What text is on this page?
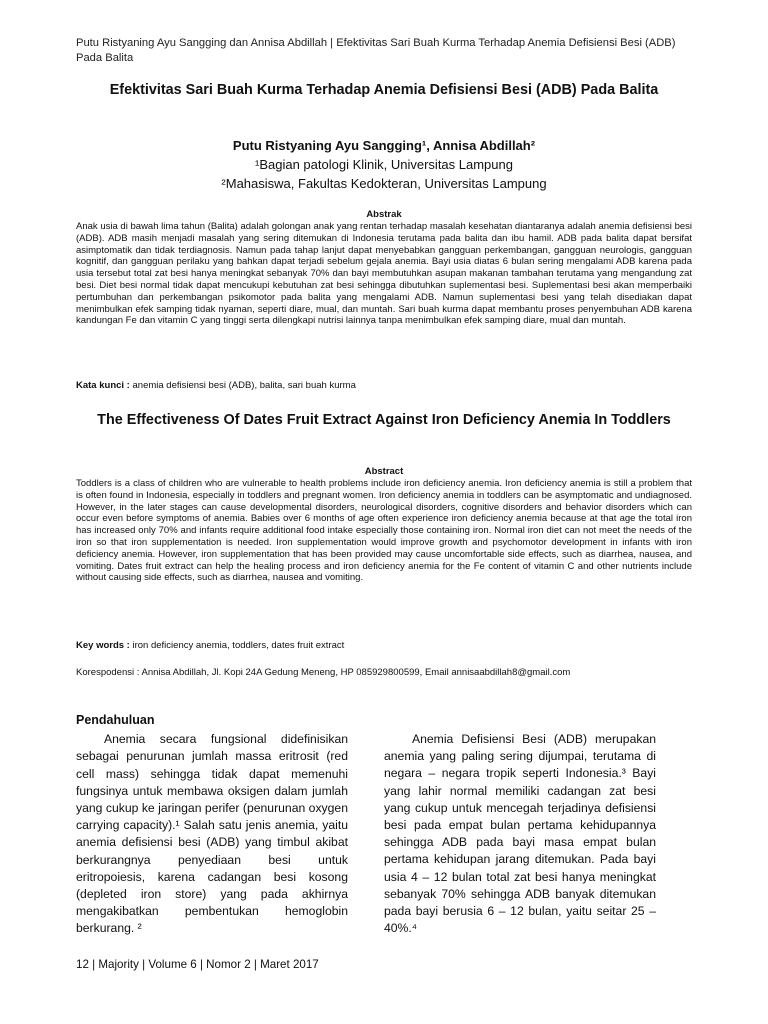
Putu Ristyaning Ayu Sangging dan Annisa Abdillah | Efektivitas Sari Buah Kurma Terhadap Anemia Defisiensi Besi (ADB) Pada Balita
Efektivitas Sari Buah Kurma Terhadap Anemia Defisiensi Besi (ADB) Pada Balita
Putu Ristyaning Ayu Sangging¹, Annisa Abdillah²
¹Bagian patologi Klinik, Universitas Lampung
²Mahasiswa, Fakultas Kedokteran, Universitas Lampung
Abstrak
Anak usia di bawah lima tahun (Balita) adalah golongan anak yang rentan terhadap masalah kesehatan diantaranya adalah anemia defisiensi besi (ADB). ADB masih menjadi masalah yang sering ditemukan di Indonesia terutama pada balita dan ibu hamil. ADB pada balita dapat bersifat asimptomatik dan tidak terdiagnosis. Namun pada tahap lanjut dapat menyebabkan gangguan perkembangan, gangguan neurologis, gangguan kognitif, dan gangguan perilaku yang bahkan dapat terjadi sebelum gejala anemia. Bayi usia diatas 6 bulan sering mengalami ADB karena pada usia tersebut total zat besi hanya meningkat sebanyak 70% dan bayi membutuhkan asupan makanan tambahan terutama yang mengandung zat besi. Diet besi normal tidak dapat mencukupi kebutuhan zat besi sehingga dibutuhkan suplementasi besi. Suplementasi besi akan memperbaiki pertumbuhan dan perkembangan psikomotor pada balita yang mengalami ADB. Namun suplementasi besi yang telah disediakan dapat menimbulkan efek samping tidak nyaman, seperti diare, mual, dan muntah. Sari buah kurma dapat membantu proses penyembuhan ADB karena kandungan Fe dan vitamin C yang tinggi serta dilengkapi nutrisi lainnya tanpa menimbulkan efek samping diare, mual dan muntah.
Kata kunci : anemia defisiensi besi (ADB), balita, sari buah kurma
The Effectiveness Of Dates Fruit Extract Against Iron Deficiency Anemia In Toddlers
Abstract
Toddlers is a class of children who are vulnerable to health problems include iron deficiency anemia. Iron deficiency anemia is still a problem that is often found in Indonesia, especially in toddlers and pregnant women. Iron deficiency anemia in toddlers can be asymptomatic and undiagnosed. However, in the later stages can cause developmental disorders, neurological disorders, cognitive disorders and behavior disorders which can occur even before symptoms of anemia. Babies over 6 months of age often experience iron deficiency anemia because at that age the total iron has increased only 70% and infants require additional food intake especially those containing iron. Normal iron diet can not meet the needs of the iron so that iron supplementation is needed. Iron supplementation would improve growth and psychomotor development in infants with iron deficiency anemia. However, iron supplementation that has been provided may cause uncomfortable side effects, such as diarrhea, nausea, and vomiting. Dates fruit extract can help the healing process and iron deficiency anemia for the Fe content of vitamin C and other nutrients include without causing side effects, such as diarrhea, nausea and vomiting.
Key words : iron deficiency anemia, toddlers, dates fruit extract
Korespodensi : Annisa Abdillah, Jl. Kopi 24A Gedung Meneng, HP 085929800599, Email annisaabdillah8@gmail.com
Pendahuluan

Anemia secara fungsional didefinisikan sebagai penurunan jumlah massa eritrosit (red cell mass) sehingga tidak dapat memenuhi fungsinya untuk membawa oksigen dalam jumlah yang cukup ke jaringan perifer (penurunan oxygen carrying capacity).¹ Salah satu jenis anemia, yaitu anemia defisiensi besi (ADB) yang timbul akibat berkurangnya penyediaan besi untuk eritropoiesis, karena cadangan besi kosong (depleted iron store) yang pada akhirnya mengakibatkan pembentukan hemoglobin berkurang. ²

Anemia Defisiensi Besi (ADB) merupakan anemia yang paling sering dijumpai, terutama di negara – negara tropik seperti Indonesia.³ Bayi yang lahir normal memiliki cadangan zat besi yang cukup untuk mencegah terjadinya defisiensi besi pada empat bulan pertama kehidupannya sehingga ADB pada bayi masa empat bulan pertama kehidupan jarang ditemukan. Pada bayi usia 4 – 12 bulan total zat besi hanya meningkat sebanyak 70% sehingga ADB banyak ditemukan pada bayi berusia 6 – 12 bulan, yaitu seitar 25 – 40%.⁴

12 | Majority | Volume 6 | Nomor 2 | Maret 2017
